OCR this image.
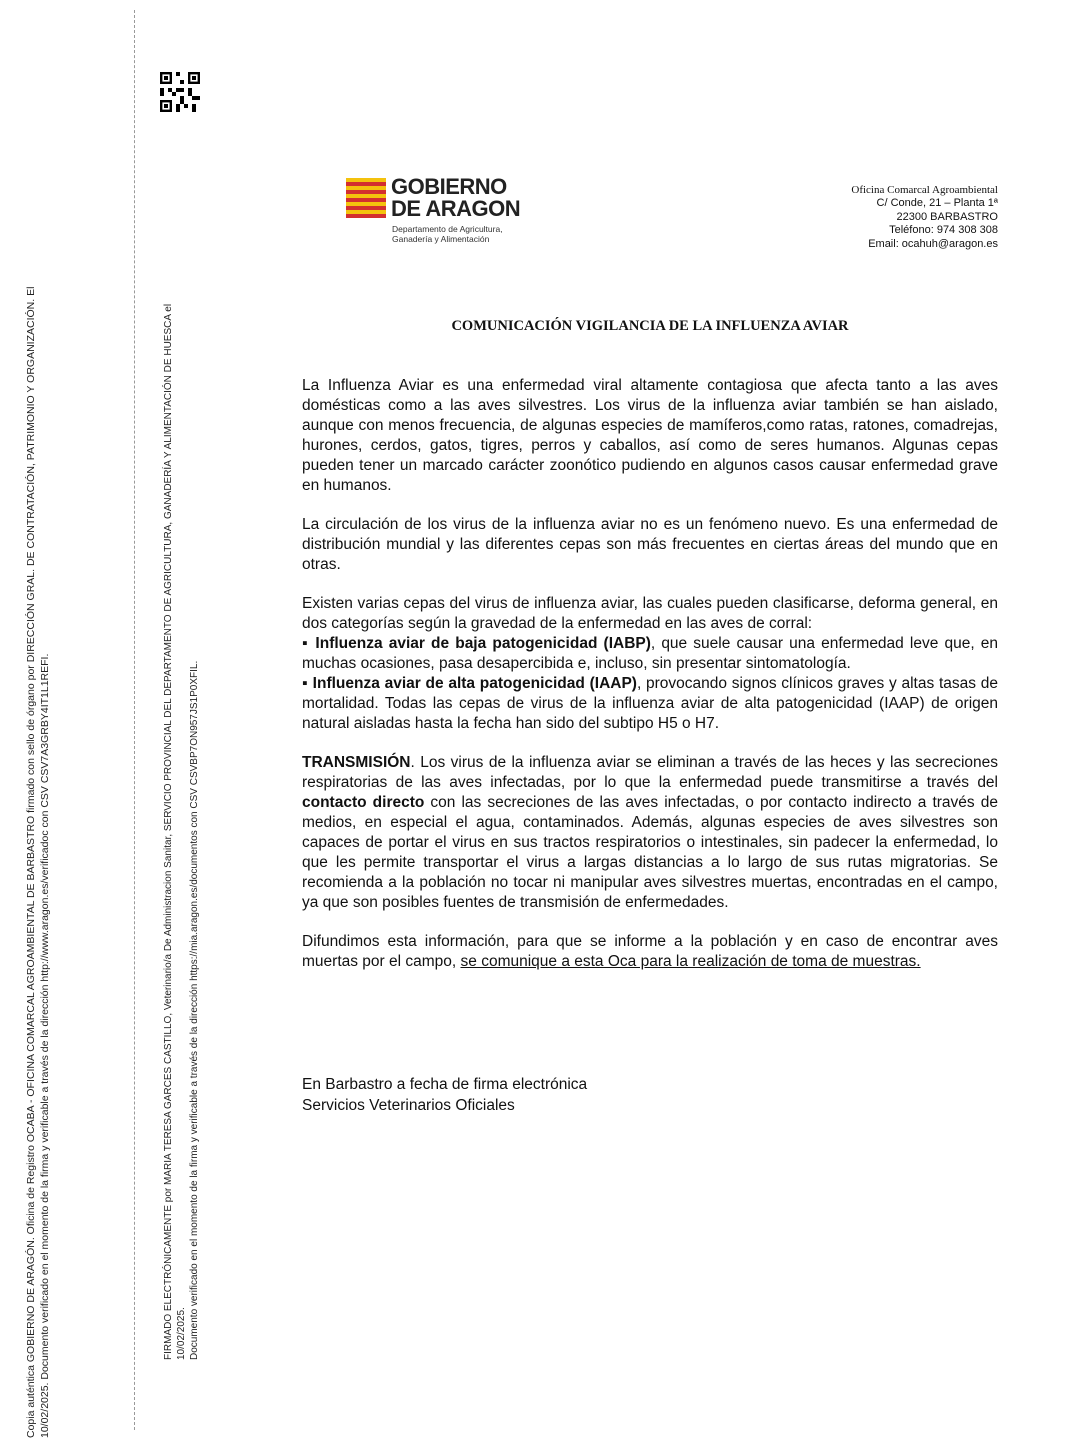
Copia auténtica GOBIERNO DE ARAGÓN. Oficina de Registro OCABA - OFICINA COMARCAL AGROAMBIENTAL DE BARBASTRO firmado con sello de órgano por DIRECCIÓN GRAL. DE CONTRATACIÓN, PATRIMONIO Y ORGANIZACIÓN. El 10/02/2025. Documento verificado en el momento de la firma y verificable a través de la dirección http://www.aragon.es/verificadoc con CSV CSV7A3GRBY4IT1L1REFI.	FIRMADO ELECTRÓNICAMENTE por MARIA TERESA GARCES CASTILLO, Veterinario/a De Administracion Sanitar, SERVICIO PROVINCIAL DEL DEPARTAMENTO DE AGRICULTURA, GANADERÍA Y ALIMENTACIÓN DE HUESCA el 10/02/2025. Documento verificado en el momento de la firma y verificable a través de la dirección https://mia.aragon.es/documentos con CSV CSVBP7ON957JS1P0XFIL.
GOBIERNO
DE ARAGON
Departamento de Agricultura,
Ganadería y Alimentación
Oficina Comarcal Agroambiental
C/ Conde, 21 – Planta 1ª
22300 BARBASTRO
Teléfono: 974 308 308
Email: ocahuh@aragon.es
COMUNICACIÓN VIGILANCIA DE LA INFLUENZA AVIAR

La Influenza Aviar es una enfermedad viral altamente contagiosa que afecta tanto a las aves domésticas como a las aves silvestres. Los virus de la influenza aviar también se han aislado, aunque con menos frecuencia, de algunas especies de mamíferos,como ratas, ratones, comadrejas, hurones, cerdos, gatos, tigres, perros y caballos, así como de seres humanos. Algunas cepas pueden tener un marcado carácter zoonótico pudiendo en algunos casos causar enfermedad grave en humanos.

La circulación de los virus de la influenza aviar no es un fenómeno nuevo. Es una enfermedad de distribución mundial y las diferentes cepas son más frecuentes en ciertas áreas del mundo que en otras.

Existen varias cepas del virus de influenza aviar, las cuales pueden clasificarse, deforma general, en dos categorías según la gravedad de la enfermedad en las aves de corral:
▪ Influenza aviar de baja patogenicidad (IABP), que suele causar una enfermedad leve que, en muchas ocasiones, pasa desapercibida e, incluso, sin presentar sintomatología.
▪ Influenza aviar de alta patogenicidad (IAAP), provocando signos clínicos graves y altas tasas de mortalidad. Todas las cepas de virus de la influenza aviar de alta patogenicidad (IAAP) de origen natural aisladas hasta la fecha han sido del subtipo H5 o H7.

TRANSMISIÓN. Los virus de la influenza aviar se eliminan a través de las heces y las secreciones respiratorias de las aves infectadas, por lo que la enfermedad puede transmitirse a través del contacto directo con las secreciones de las aves infectadas, o por contacto indirecto a través de medios, en especial el agua, contaminados. Además, algunas especies de aves silvestres son capaces de portar el virus en sus tractos respiratorios o intestinales, sin padecer la enfermedad, lo que les permite transportar el virus a largas distancias a lo largo de sus rutas migratorias. Se recomienda a la población no tocar ni manipular aves silvestres muertas, encontradas en el campo, ya que son posibles fuentes de transmisión de enfermedades.

Difundimos esta información, para que se informe a la población y en caso de encontrar aves muertas por el campo, se comunique a esta Oca para la realización de toma de muestras.

En Barbastro a fecha de firma electrónica
Servicios Veterinarios Oficiales
